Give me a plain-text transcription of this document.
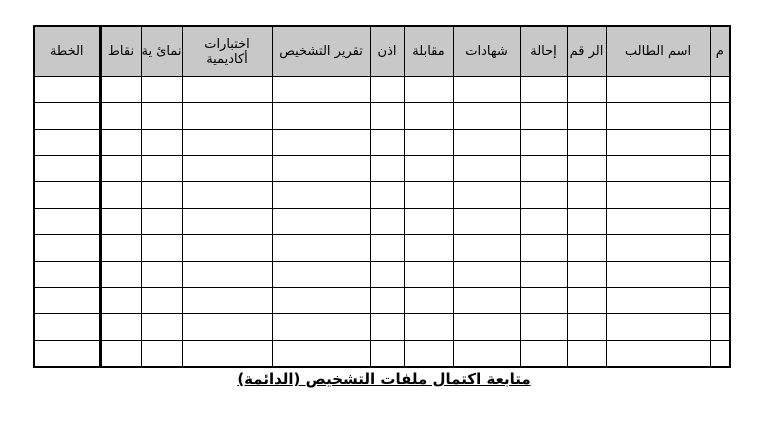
م	اسم الطالب	الر قم	إحالة	شهادات	مقابلة	اذن	تقرير التشخيص	اختبارات أكاديمية	نمائ ية	نقاط	الخطة

متابعة اكتمال ملفات التشخيص (الدائمة)
